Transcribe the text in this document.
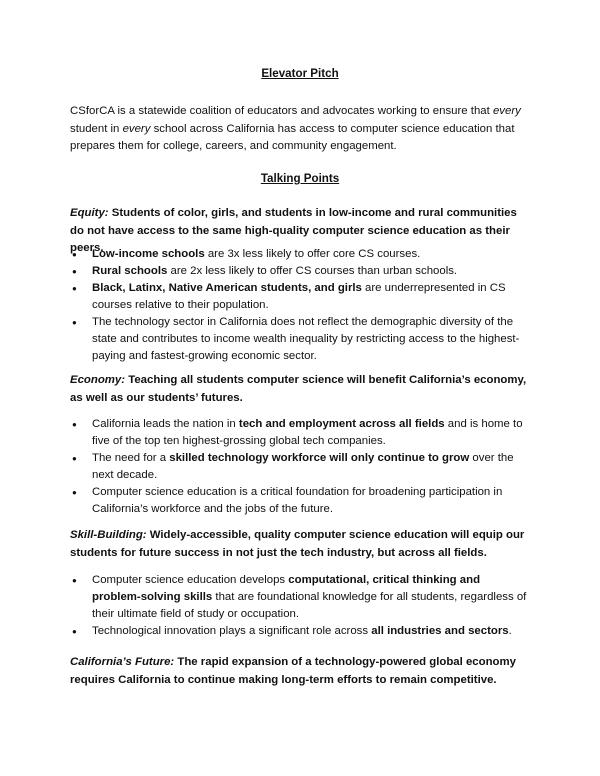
Elevator Pitch

CSforCA is a statewide coalition of educators and advocates working to ensure that every student in every school across California has access to computer science education that prepares them for college, careers, and community engagement.

Talking Points

Equity: Students of color, girls, and students in low-income and rural communities do not have access to the same high-quality computer science education as their peers.

● Low-income schools are 3x less likely to offer core CS courses.
● Rural schools are 2x less likely to offer CS courses than urban schools.
● Black, Latinx, Native American students, and girls are underrepresented in CS courses relative to their population.
● The technology sector in California does not reflect the demographic diversity of the state and contributes to income wealth inequality by restricting access to the highest-paying and fastest-growing economic sector.

Economy: Teaching all students computer science will benefit California’s economy, as well as our students’ futures.

● California leads the nation in tech and employment across all fields and is home to five of the top ten highest-grossing global tech companies.
● The need for a skilled technology workforce will only continue to grow over the next decade.
● Computer science education is a critical foundation for broadening participation in California’s workforce and the jobs of the future.

Skill-Building: Widely-accessible, quality computer science education will equip our students for future success in not just the tech industry, but across all fields.

● Computer science education develops computational, critical thinking and problem-solving skills that are foundational knowledge for all students, regardless of their ultimate field of study or occupation.
● Technological innovation plays a significant role across all industries and sectors.

California’s Future: The rapid expansion of a technology-powered global economy requires California to continue making long-term efforts to remain competitive.
